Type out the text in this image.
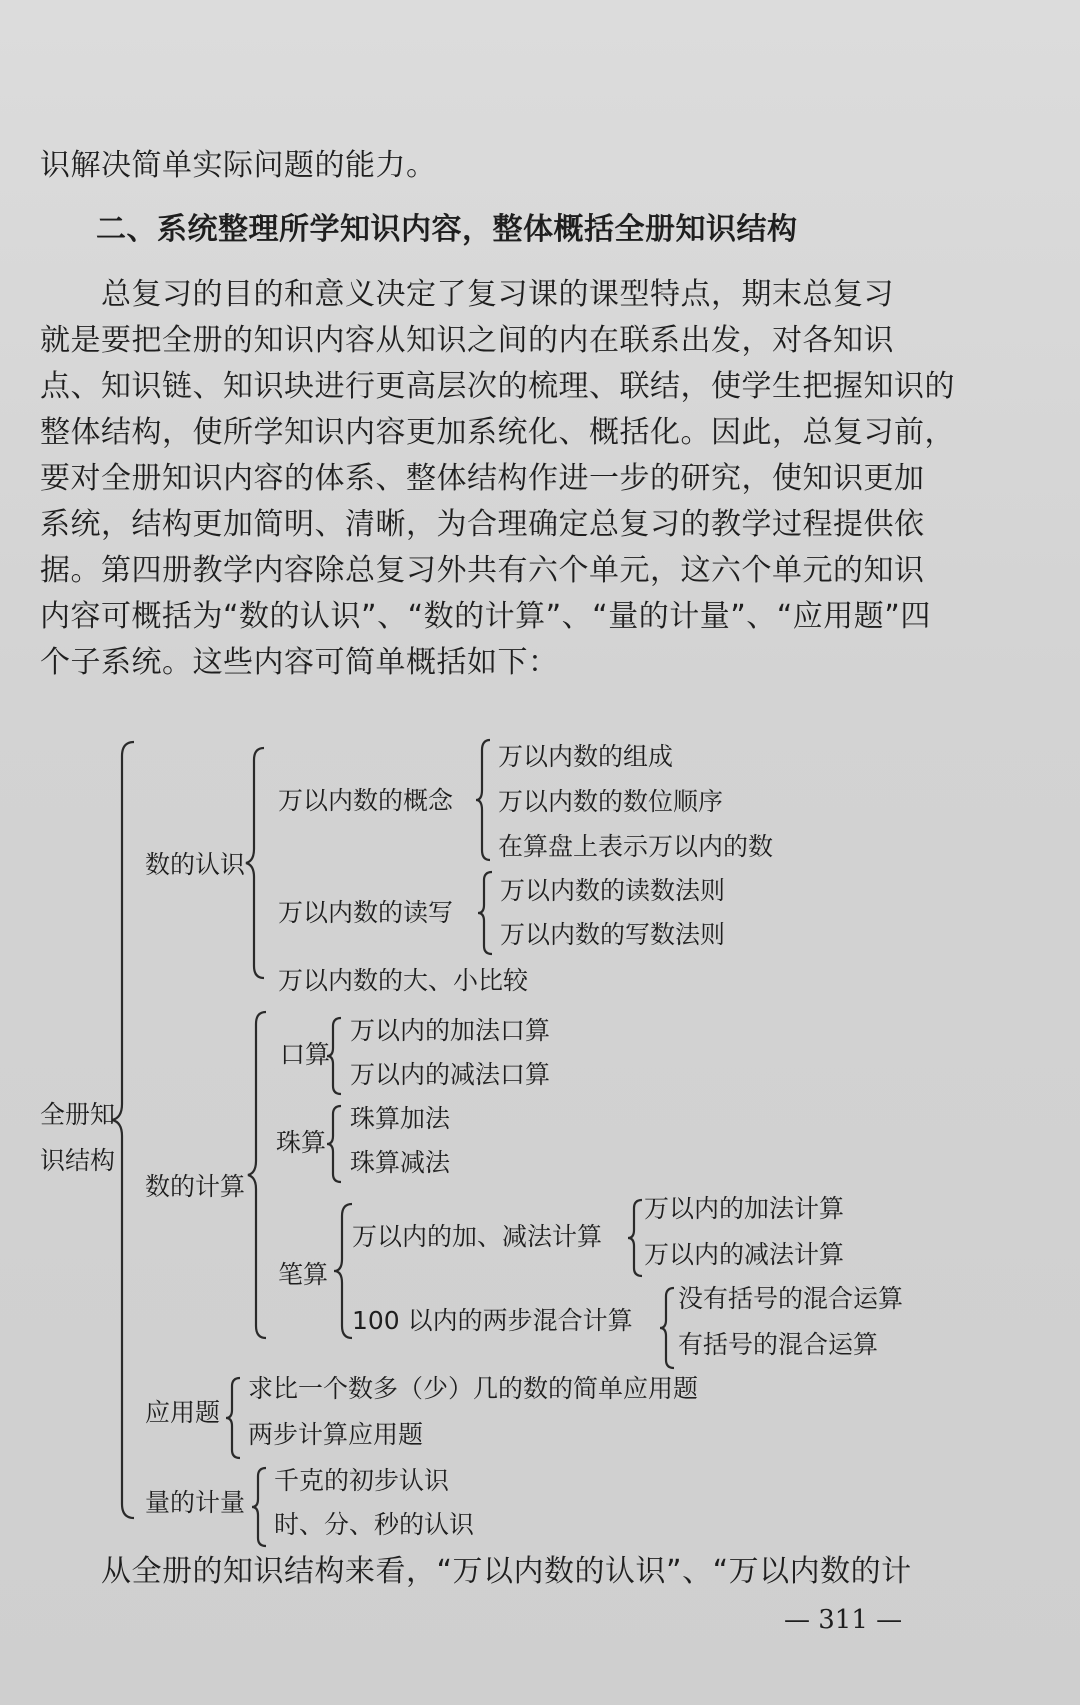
识解决简单实际问题的能力。

二、系统整理所学知识内容，整体概括全册知识结构

　　总复习的目的和意义决定了复习课的课型特点，期末总复习

就是要把全册的知识内容从知识之间的内在联系出发，对各知识

点、知识链、知识块进行更高层次的梳理、联结，使学生把握知识的

整体结构，使所学知识内容更加系统化、概括化。因此，总复习前，

要对全册知识内容的体系、整体结构作进一步的研究，使知识更加

系统，结构更加简明、清晰，为合理确定总复习的教学过程提供依

据。第四册教学内容除总复习外共有六个单元，这六个单元的知识

内容可概括为“数的认识”、“数的计算”、“量的计量”、“应用题”四

个子系统。这些内容可简单概括如下：

全册知
识结构
数的认识
万以内数的概念
万以内数的组成
万以内数的数位顺序
在算盘上表示万以内的数
万以内数的读写
万以内数的读数法则
万以内数的写数法则
万以内数的大、小比较
数的计算
口算
万以内的加法口算
万以内的减法口算
珠算
珠算加法
珠算减法
笔算
万以内的加、减法计算
万以内的加法计算
万以内的减法计算
100 以内的两步混合计算
没有括号的混合运算
有括号的混合运算
应用题
求比一个数多（少）几的数的简单应用题
两步计算应用题
量的计量
千克的初步认识
时、分、秒的认识

　　从全册的知识结构来看，“万以内数的认识”、“万以内数的计

— 311 —
